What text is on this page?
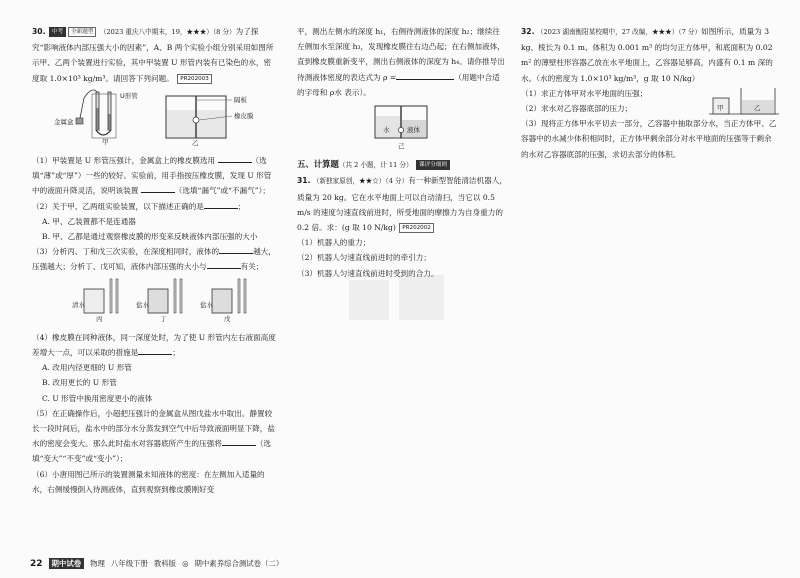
30. 中考 全新题型 （2023 重庆八中期末，19，★★★）（8 分）为了探究“影响液体内部压强大小的因素”，A、B 两个实验小组分别采用如图所示甲、乙两个装置进行实验，其中甲装置 U 形管内装有已染色的水，密度取 1.0×10³ kg/m³。请回答下列问题。 PR202003

U形管
金属盒
甲
隔板
橡皮膜
乙

（1）甲装置是 U 形管压强计，金属盒上的橡皮膜选用	（选填“薄”或“厚”）一些的较好。实验前，用手指按压橡皮膜，发现 U 形管中的液面升降灵活，说明该装置	（选填“漏气”或“不漏气”）；

（2）关于甲、乙两组实验装置，以下描述正确的是	；

A. 甲、乙装置都不是连通器

B. 甲、乙都是通过观察橡皮膜的形变来反映液体内部压强的大小

（3）分析丙、丁和戊三次实验，在深度相同时，液体的	越大，压强越大；分析丁、戊可知，液体内部压强的大小与	有关；

清水	盐水	盐水
丙	丁	戊

（4）橡皮膜在同种液体，同一深度处时，为了使 U 形管内左右液面高度差增大一点，可以采取的措施是	；

A. 改用内径更细的 U 形管

B. 改用更长的 U 形管

C. U 形管中换用密度更小的液体

（5）在正确操作后，小超把压强计的金属盒从图戊盐水中取出。静置较长一段时间后，盐水中的部分水分蒸发到空气中后导致液面明显下降，盐水的密度会变大。那么此时盐水对容器底所产生的压强将	（选填“变大”“不变”或“变小”）；

（6）小唐用图己所示的装置测量未知液体的密度：在左侧加入适量的水，右侧缓慢倒入待测液体，直到观察到橡皮膜刚好变

平，测出左侧水的深度 h₁，右侧待测液体的深度 h₂；继续往左侧加水至深度 h₃，发现橡皮膜往右边凸起；在右侧加液体，直到橡皮膜重新变平，测出右侧液体的深度为 h₄。请你推导出待测液体密度的表达式为 ρ =	（用题中合适的字母和 ρ水 表示）。

水	液体
己

五、计算题（共 2 小题，计 11 分） 课评分细则

31. （新独家原创，★★☆）（4 分）有一种新型智能清洁机器人，质量为 20 kg。它在水平地面上可以自动清扫，当它以 0.5 m/s 的速度匀速直线前进时，所受地面的摩擦力为自身重力的 0.2 倍。求：(g 取 10 N/kg) PR202002

（1）机器人的重力；

（2）机器人匀速直线前进时的牵引力；

（3）机器人匀速直线前进时受到的合力。

32. （2023 湖南衡阳某校期中，27 改编，★★★）（7 分）如图所示，质量为 3 kg、棱长为 0.1 m、体积为 0.001 m³ 的均匀正方体甲，和底面积为 0.02 m² 的薄壁柱形容器乙放在水平地面上，乙容器足够高，内盛有 0.1 m 深的水。（水的密度为 1.0×10³ kg/m³，g 取 10 N/kg）

（1）求正方体甲对水平地面的压强；

（2）求水对乙容器底部的压力；	甲	乙

（3）现将正方体甲水平切去一部分，乙容器中抽取部分水，当正方体甲、乙容器中的水减少体积相同时，正方体甲剩余部分对水平地面的压强等于剩余的水对乙容器底部的压强，求切去部分的体积。

22	期中试卷	物理 八年级下册 教科版 ◎ 期中素养综合测试卷（二）
